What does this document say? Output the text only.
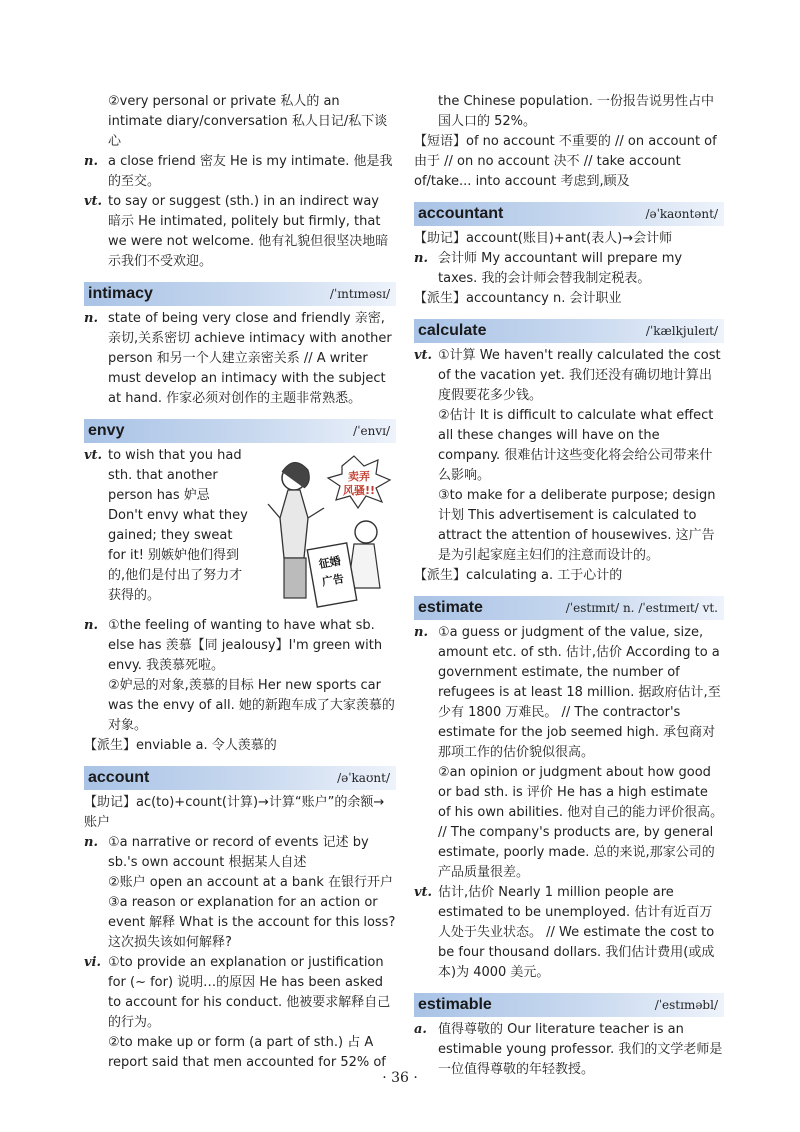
②very personal or private 私人的 an intimate diary/conversation 私人日记/私下谈心

n. a close friend 密友 He is my intimate. 他是我的至交。

vt. to say or suggest (sth.) in an indirect way 暗示 He intimated, politely but firmly, that we were not welcome. 他有礼貌但很坚决地暗示我们不受欢迎。

intimacy	/ˈɪntɪməsɪ/

n. state of being very close and friendly 亲密,亲切,关系密切 achieve intimacy with another person 和另一个人建立亲密关系 // A writer must develop an intimacy with the subject at hand. 作家必须对创作的主题非常熟悉。

envy	/ˈenvɪ/
卖弄
风骚!!
征婚
广告

vt. to wish that you had sth. that another person has 妒忌 Don't envy what they gained; they sweat for it! 别嫉妒他们得到的,他们是付出了努力才获得的。

n. ①the feeling of wanting to have what sb. else has 羡慕【同 jealousy】I'm green with envy. 我羡慕死啦。

②妒忌的对象,羡慕的目标 Her new sports car was the envy of all. 她的新跑车成了大家羡慕的对象。

【派生】enviable a. 令人羡慕的

account	/əˈkaʊnt/

【助记】ac(to)+count(计算)→计算“账户”的余额→账户

n. ①a narrative or record of events 记述 by sb.'s own account 根据某人自述

②账户 open an account at a bank 在银行开户

③a reason or explanation for an action or event 解释 What is the account for this loss? 这次损失该如何解释?

vi. ①to provide an explanation or justification for (~ for) 说明…的原因 He has been asked to account for his conduct. 他被要求解释自己的行为。

②to make up or form (a part of sth.) 占 A report said that men accounted for 52% of

the Chinese population. 一份报告说男性占中国人口的 52%。

【短语】of no account 不重要的 // on account of 由于 // on no account 决不 // take account of/take... into account 考虑到,顾及

accountant	/əˈkaʊntənt/

【助记】account(账目)+ant(表人)→会计师

n. 会计师 My accountant will prepare my taxes. 我的会计师会替我制定税表。

【派生】accountancy n. 会计职业

calculate	/ˈkælkjuleɪt/

vt. ①计算 We haven't really calculated the cost of the vacation yet. 我们还没有确切地计算出度假要花多少钱。

②估计 It is difficult to calculate what effect all these changes will have on the company. 很难估计这些变化将会给公司带来什么影响。

③to make for a deliberate purpose; design 计划 This advertisement is calculated to attract the attention of housewives. 这广告是为引起家庭主妇们的注意而设计的。

【派生】calculating a. 工于心计的

estimate	/ˈestɪmɪt/ n. /ˈestɪmeɪt/ vt.

n. ①a guess or judgment of the value, size, amount etc. of sth. 估计,估价 According to a government estimate, the number of refugees is at least 18 million. 据政府估计,至少有 1800 万难民。 // The contractor's estimate for the job seemed high. 承包商对那项工作的估价貌似很高。

②an opinion or judgment about how good or bad sth. is 评价 He has a high estimate of his own abilities. 他对自己的能力评价很高。 // The company's products are, by general estimate, poorly made. 总的来说,那家公司的产品质量很差。

vt. 估计,估价 Nearly 1 million people are estimated to be unemployed. 估计有近百万人处于失业状态。 // We estimate the cost to be four thousand dollars. 我们估计费用(或成本)为 4000 美元。

estimable	/ˈestɪməbl/

a. 值得尊敬的 Our literature teacher is an estimable young professor. 我们的文学老师是一位值得尊敬的年轻教授。

· 36 ·
